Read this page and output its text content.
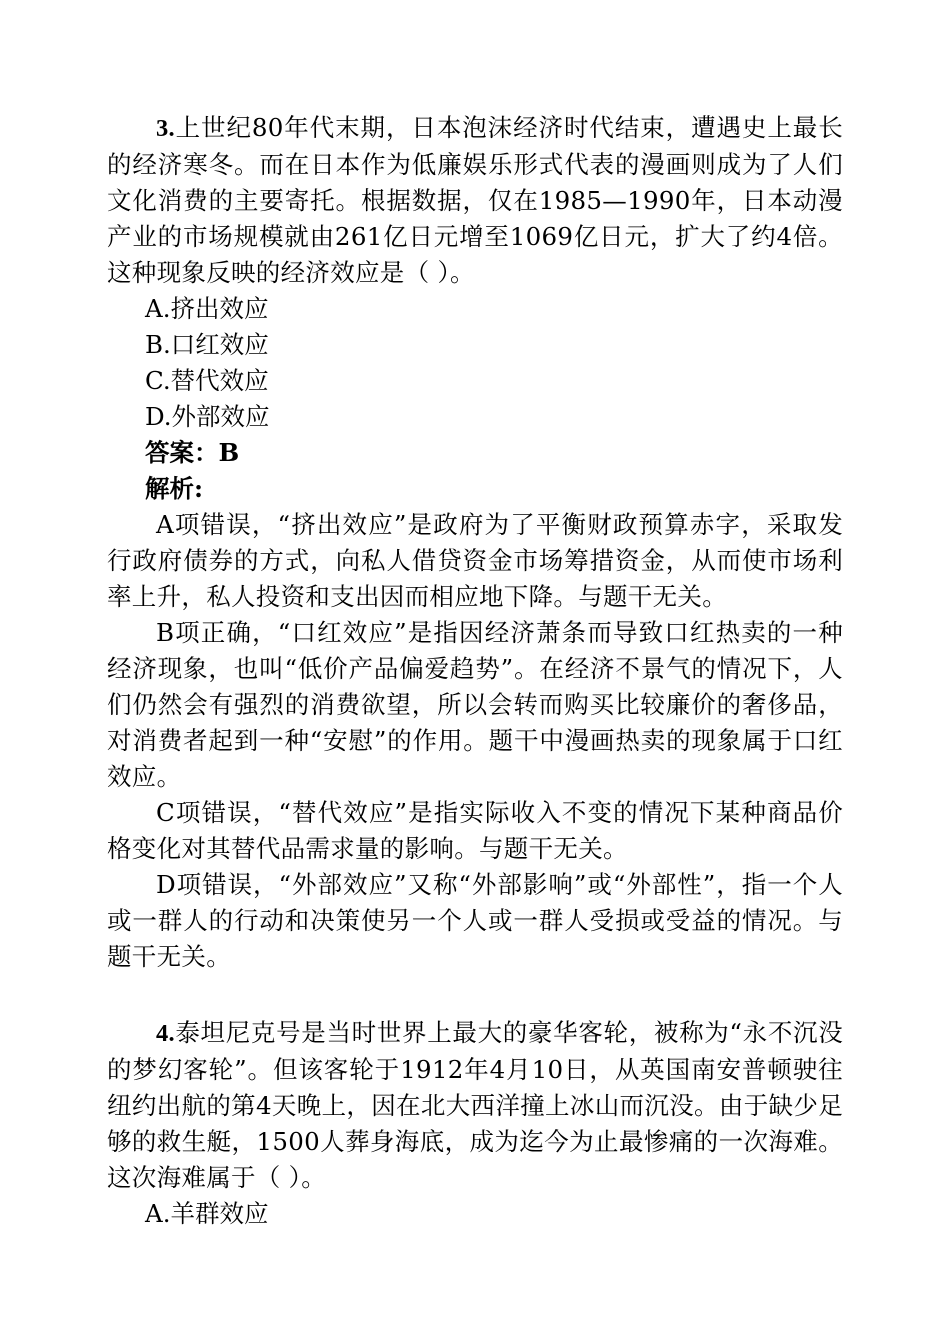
3.上世纪80年代末期，日本泡沫经济时代结束，遭遇史上最长的经济寒冬。而在日本作为低廉娱乐形式代表的漫画则成为了人们文化消费的主要寄托。根据数据，仅在1985—1990年，日本动漫产业的市场规模就由261亿日元增至1069亿日元，扩大了约4倍。这种现象反映的经济效应是（ ）。

A.挤出效应

B.口红效应

C.替代效应

D.外部效应

答案：B

解析:

A项错误，“挤出效应”是政府为了平衡财政预算赤字，采取发行政府债券的方式，向私人借贷资金市场筹措资金，从而使市场利率上升，私人投资和支出因而相应地下降。与题干无关。

B项正确，“口红效应”是指因经济萧条而导致口红热卖的一种经济现象，也叫“低价产品偏爱趋势”。在经济不景气的情况下，人们仍然会有强烈的消费欲望，所以会转而购买比较廉价的奢侈品，对消费者起到一种“安慰”的作用。题干中漫画热卖的现象属于口红效应。

C项错误，“替代效应”是指实际收入不变的情况下某种商品价格变化对其替代品需求量的影响。与题干无关。

D项错误，“外部效应”又称“外部影响”或“外部性”，指一个人或一群人的行动和决策使另一个人或一群人受损或受益的情况。与题干无关。

4.泰坦尼克号是当时世界上最大的豪华客轮，被称为“永不沉没的梦幻客轮”。但该客轮于1912年4月10日，从英国南安普顿驶往纽约出航的第4天晚上，因在北大西洋撞上冰山而沉没。由于缺少足够的救生艇，1500人葬身海底，成为迄今为止最惨痛的一次海难。这次海难属于（ ）。

A.羊群效应
